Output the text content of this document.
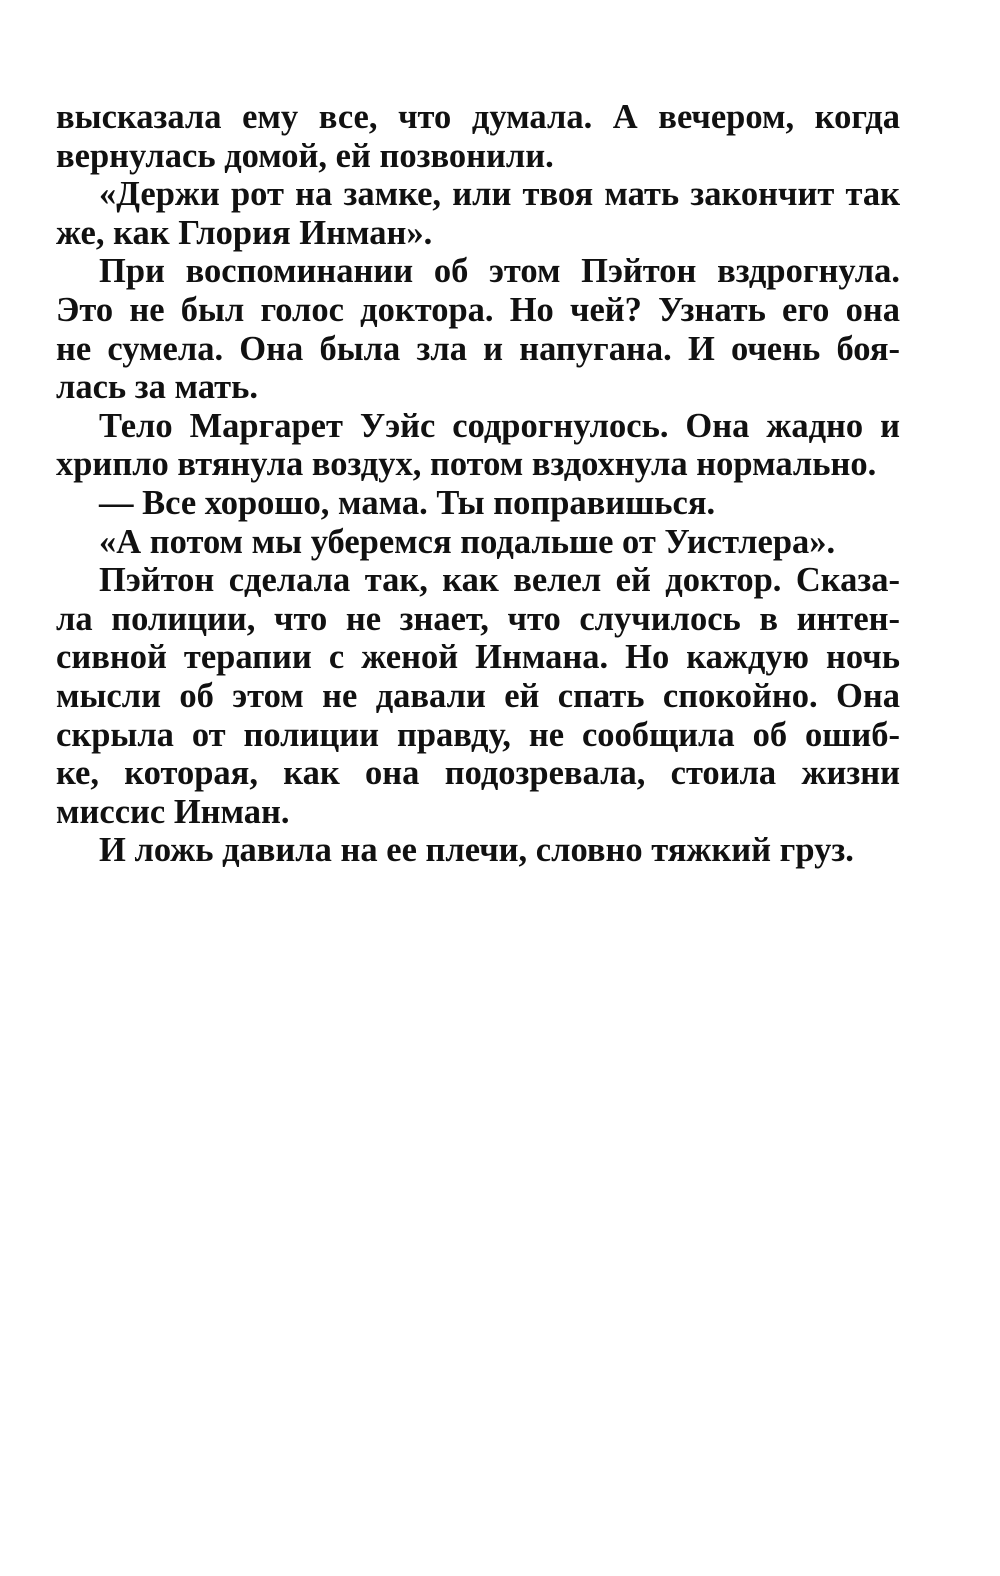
высказала ему все, что думала. А вечером, когда
вернулась домой, ей позвонили.
«Держи рот на замке, или твоя мать закончит так
же, как Глория Инман».
При воспоминании об этом Пэйтон вздрогнула.
Это не был голос доктора. Но чей? Узнать его она
не сумела. Она была зла и напугана. И очень боя-
лась за мать.
Тело Маргарет Уэйс содрогнулось. Она жадно и
хрипло втянула воздух, потом вздохнула нормально.
— Все хорошо, мама. Ты поправишься.
«А потом мы уберемся подальше от Уистлера».
Пэйтон сделала так, как велел ей доктор. Сказа-
ла полиции, что не знает, что случилось в интен-
сивной терапии с женой Инмана. Но каждую ночь
мысли об этом не давали ей спать спокойно. Она
скрыла от полиции правду, не сообщила об ошиб-
ке, которая, как она подозревала, стоила жизни
миссис Инман.
И ложь давила на ее плечи, словно тяжкий груз.
